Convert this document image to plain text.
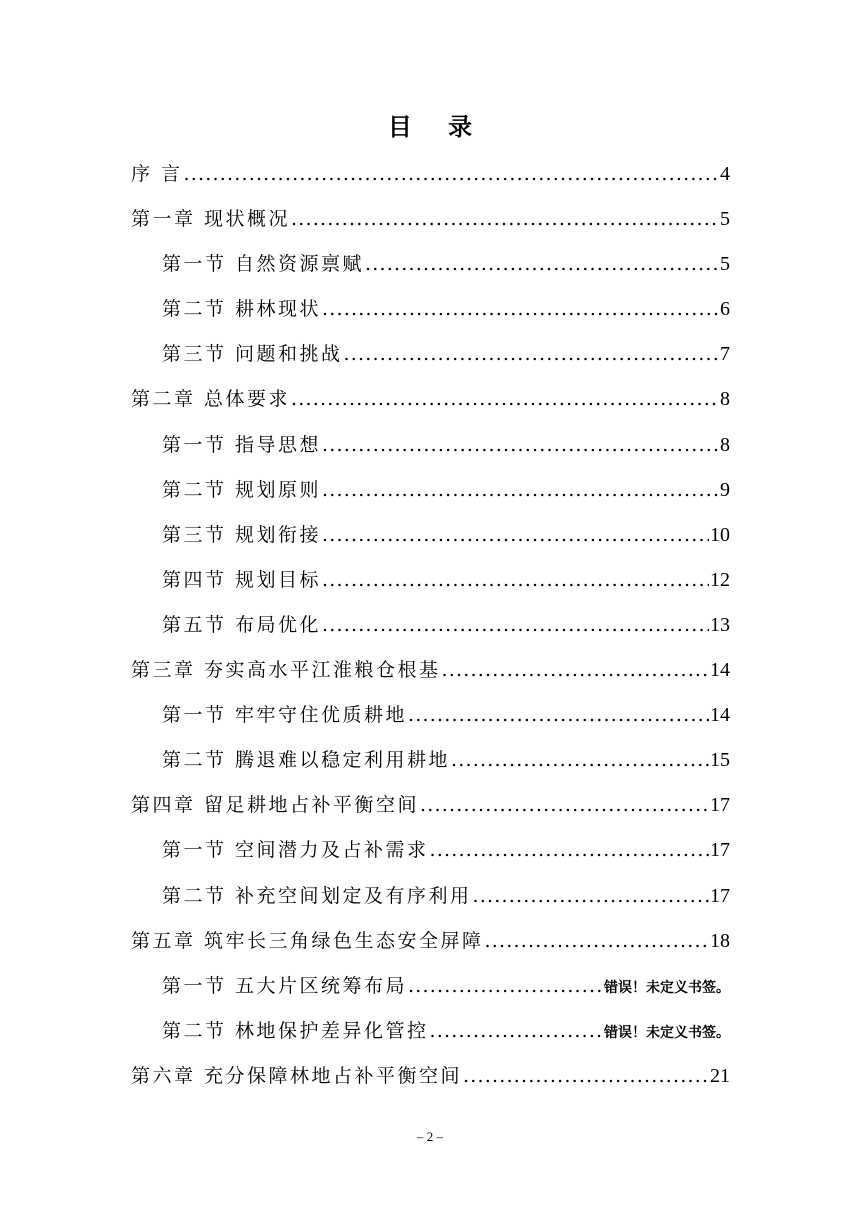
目 录
序 言 .....	4
第一章 现状概况 .....	5
第一节 自然资源禀赋 .....	5
第二节 耕林现状 .....	6
第三节 问题和挑战 .....	7
第二章 总体要求 .....	8
第一节 指导思想 .....	8
第二节 规划原则 .....	9
第三节 规划衔接 .....	10
第四节 规划目标 .....	12
第五节 布局优化 .....	13
第三章 夯实高水平江淮粮仓根基 .....	14
第一节 牢牢守住优质耕地 .....	14
第二节 腾退难以稳定利用耕地 .....	15
第四章 留足耕地占补平衡空间 .....	17
第一节 空间潜力及占补需求 .....	17
第二节 补充空间划定及有序利用 .....	17
第五章 筑牢长三角绿色生态安全屏障 .....	18
第一节 五大片区统筹布局 .....	错误！未定义书签。
第二节 林地保护差异化管控 .....	错误！未定义书签。
第六章 充分保障林地占补平衡空间 .....	21
– 2 –
